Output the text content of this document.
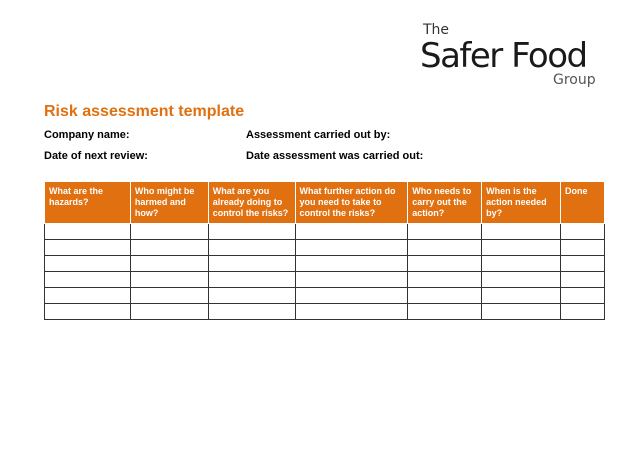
The
Safer Food
Group
Risk assessment template
Company name:	Assessment carried out by:
Date of next review:	Date assessment was carried out:
What are the hazards?	Who might be harmed and how?	What are you already doing to control the risks?	What further action do you need to take to control the risks?	Who needs to carry out the action?	When is the action needed by?	Done
